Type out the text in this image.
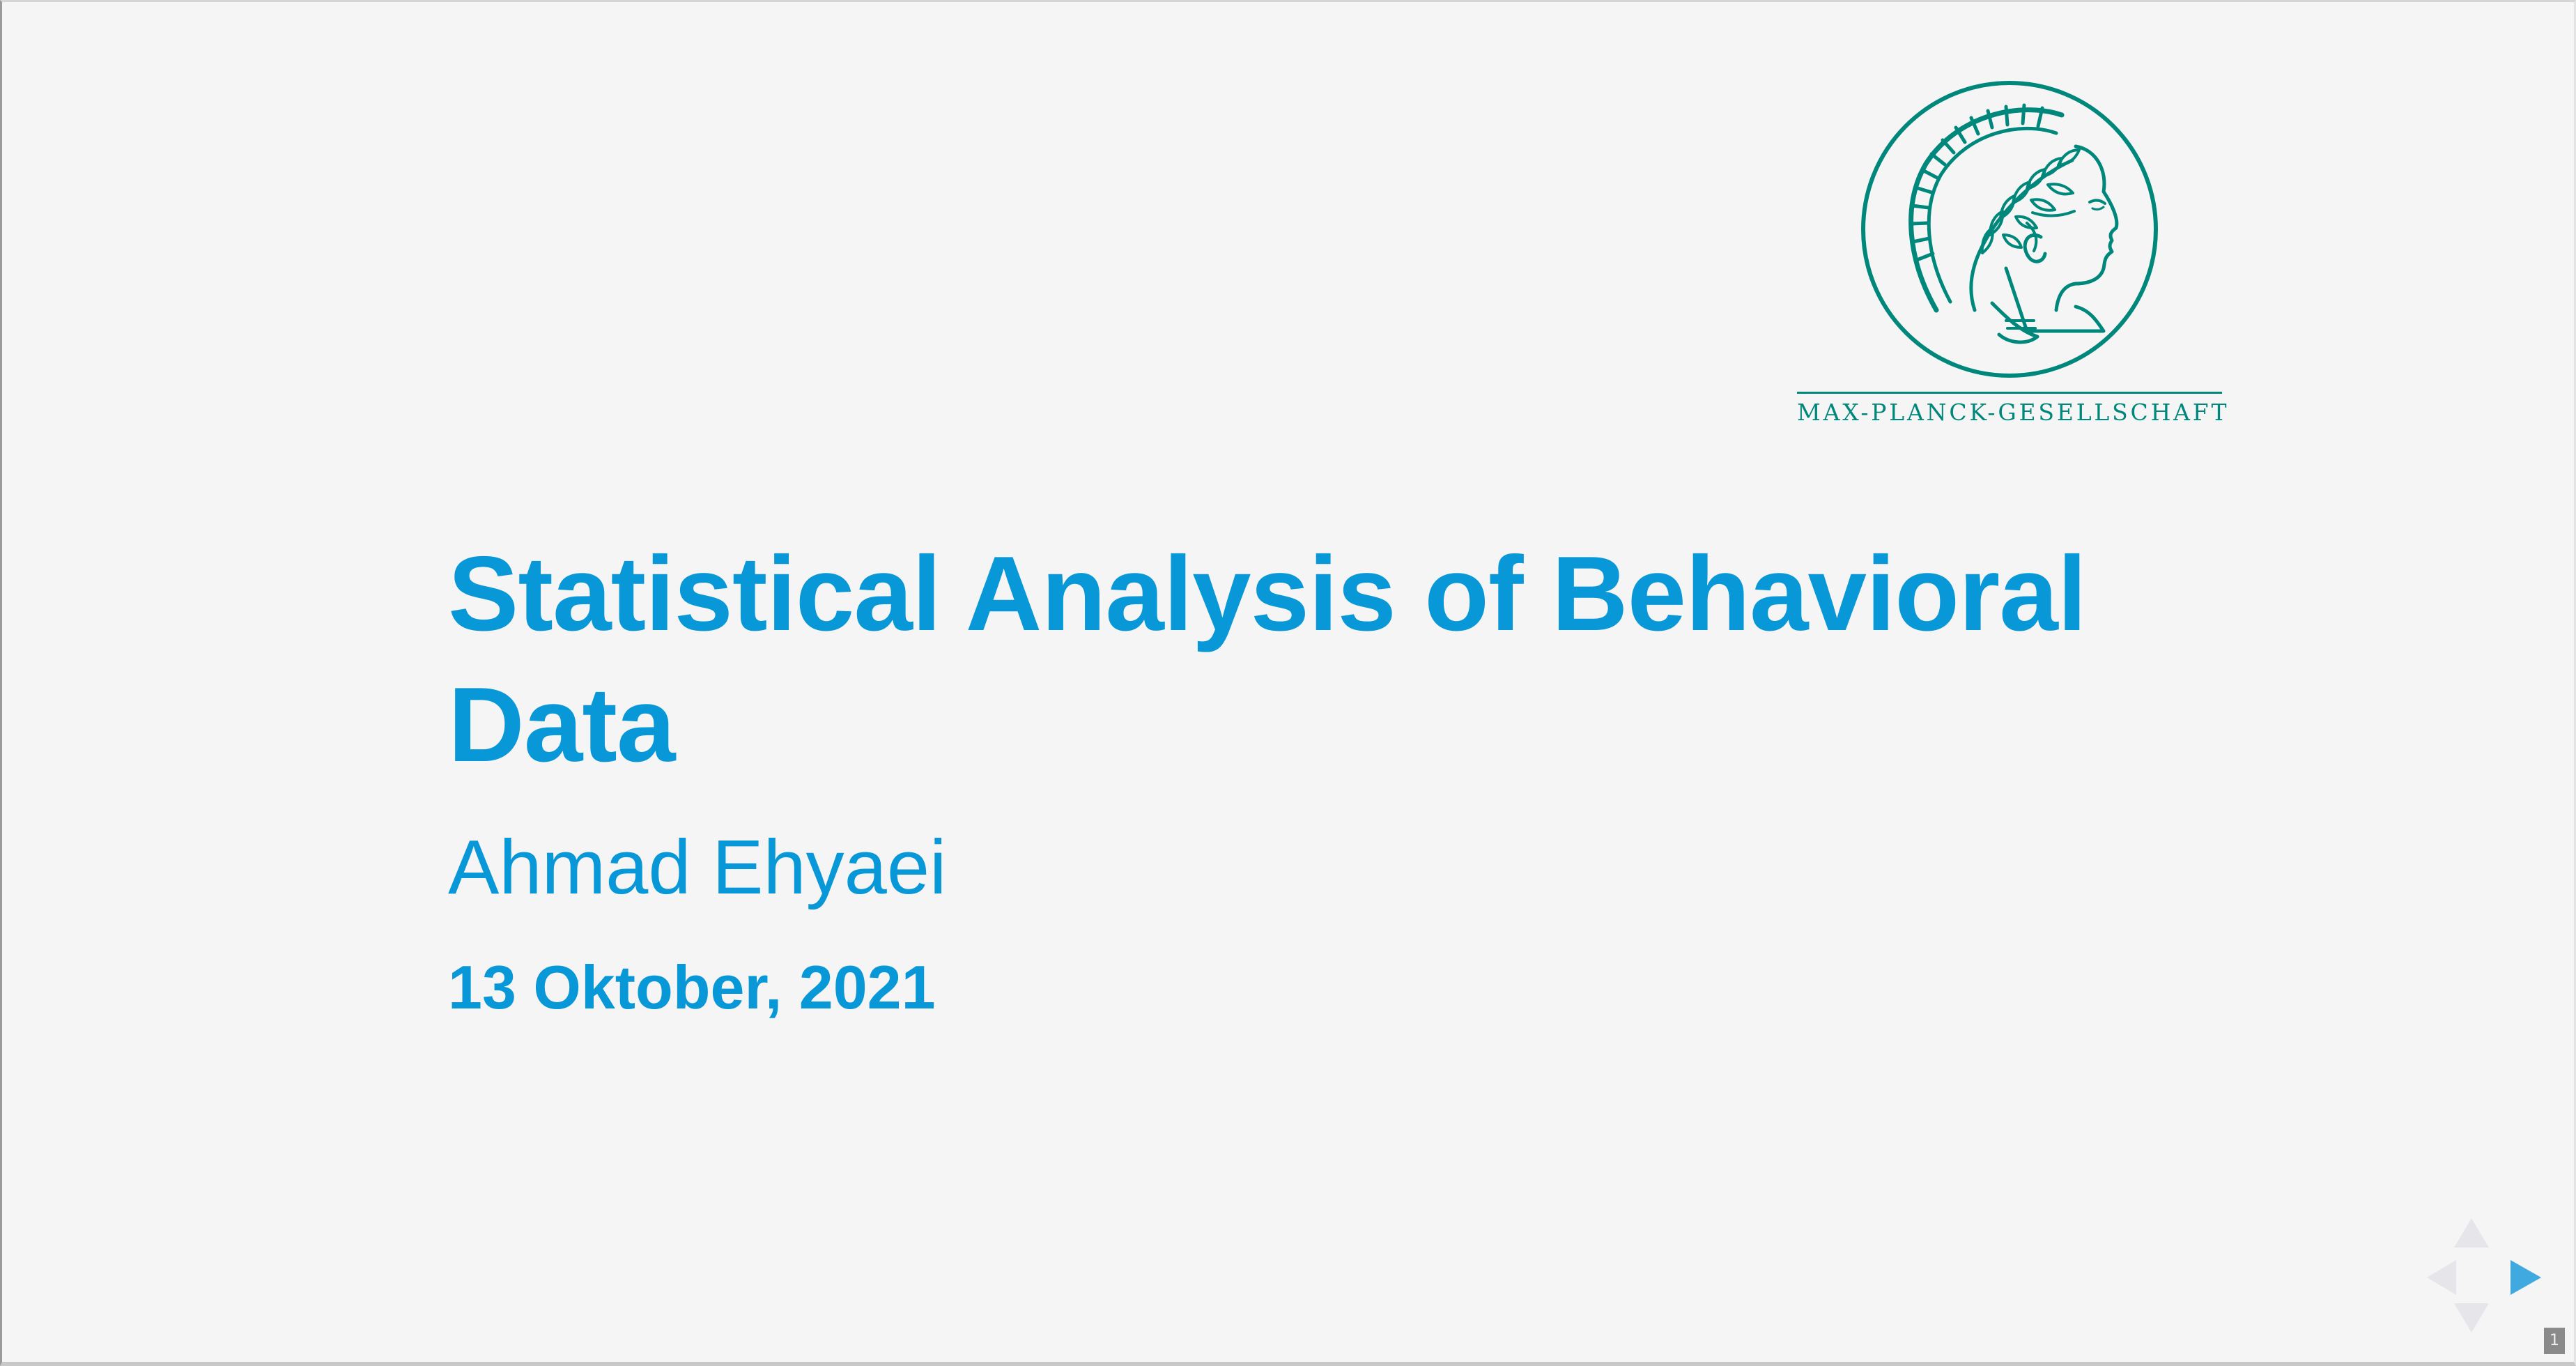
MAX-PLANCK-GESELLSCHAFT
Statistical Analysis of Behavioral Data
Ahmad Ehyaei
13 Oktober, 2021
1
